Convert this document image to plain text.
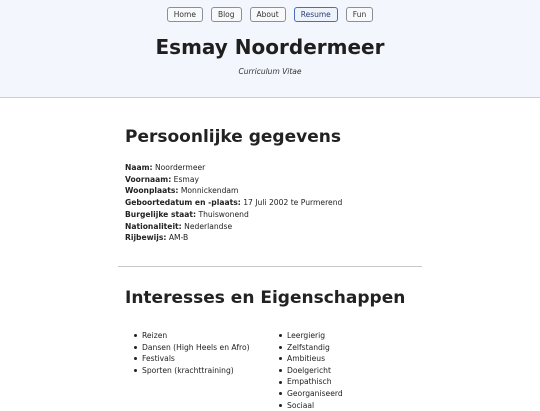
Home	Blog	About	Resume	Fun
Esmay Noordermeer
Curriculum Vitae
Persoonlijke gegevens
Naam: Noordermeer
Voornaam: Esmay
Woonplaats: Monnickendam
Geboortedatum en -plaats: 17 Juli 2002 te Purmerend
Burgelijke staat: Thuiswonend
Nationaliteit: Nederlandse
Rijbewijs: AM-B
Interesses en Eigenschappen
Reizen
Dansen (High Heels en Afro)
Festivals
Sporten (krachttraining)
Leergierig
Zelfstandig
Ambitieus
Doelgericht
Empathisch
Georganiseerd
Sociaal
